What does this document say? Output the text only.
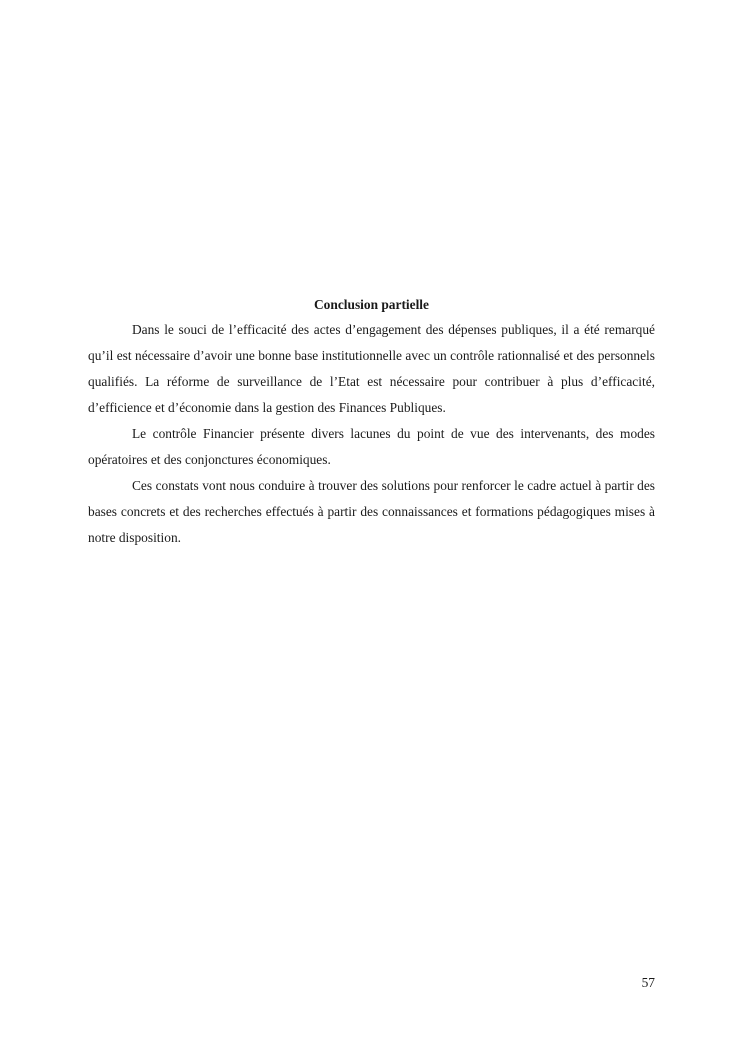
Conclusion partielle

Dans le souci de l’efficacité des actes d’engagement des dépenses publiques, il a été remarqué qu’il est nécessaire d’avoir une bonne base institutionnelle avec un contrôle rationnalisé et des personnels qualifiés. La réforme de surveillance de l’Etat est nécessaire pour contribuer à plus d’efficacité, d’efficience et d’économie dans la gestion des Finances Publiques.

Le contrôle Financier présente divers lacunes du point de vue des intervenants, des modes opératoires et des conjonctures économiques.

Ces constats vont nous conduire à trouver des solutions pour renforcer le cadre actuel à partir des bases concrets et des recherches effectués à partir des connaissances et formations pédagogiques mises à notre disposition.

57
